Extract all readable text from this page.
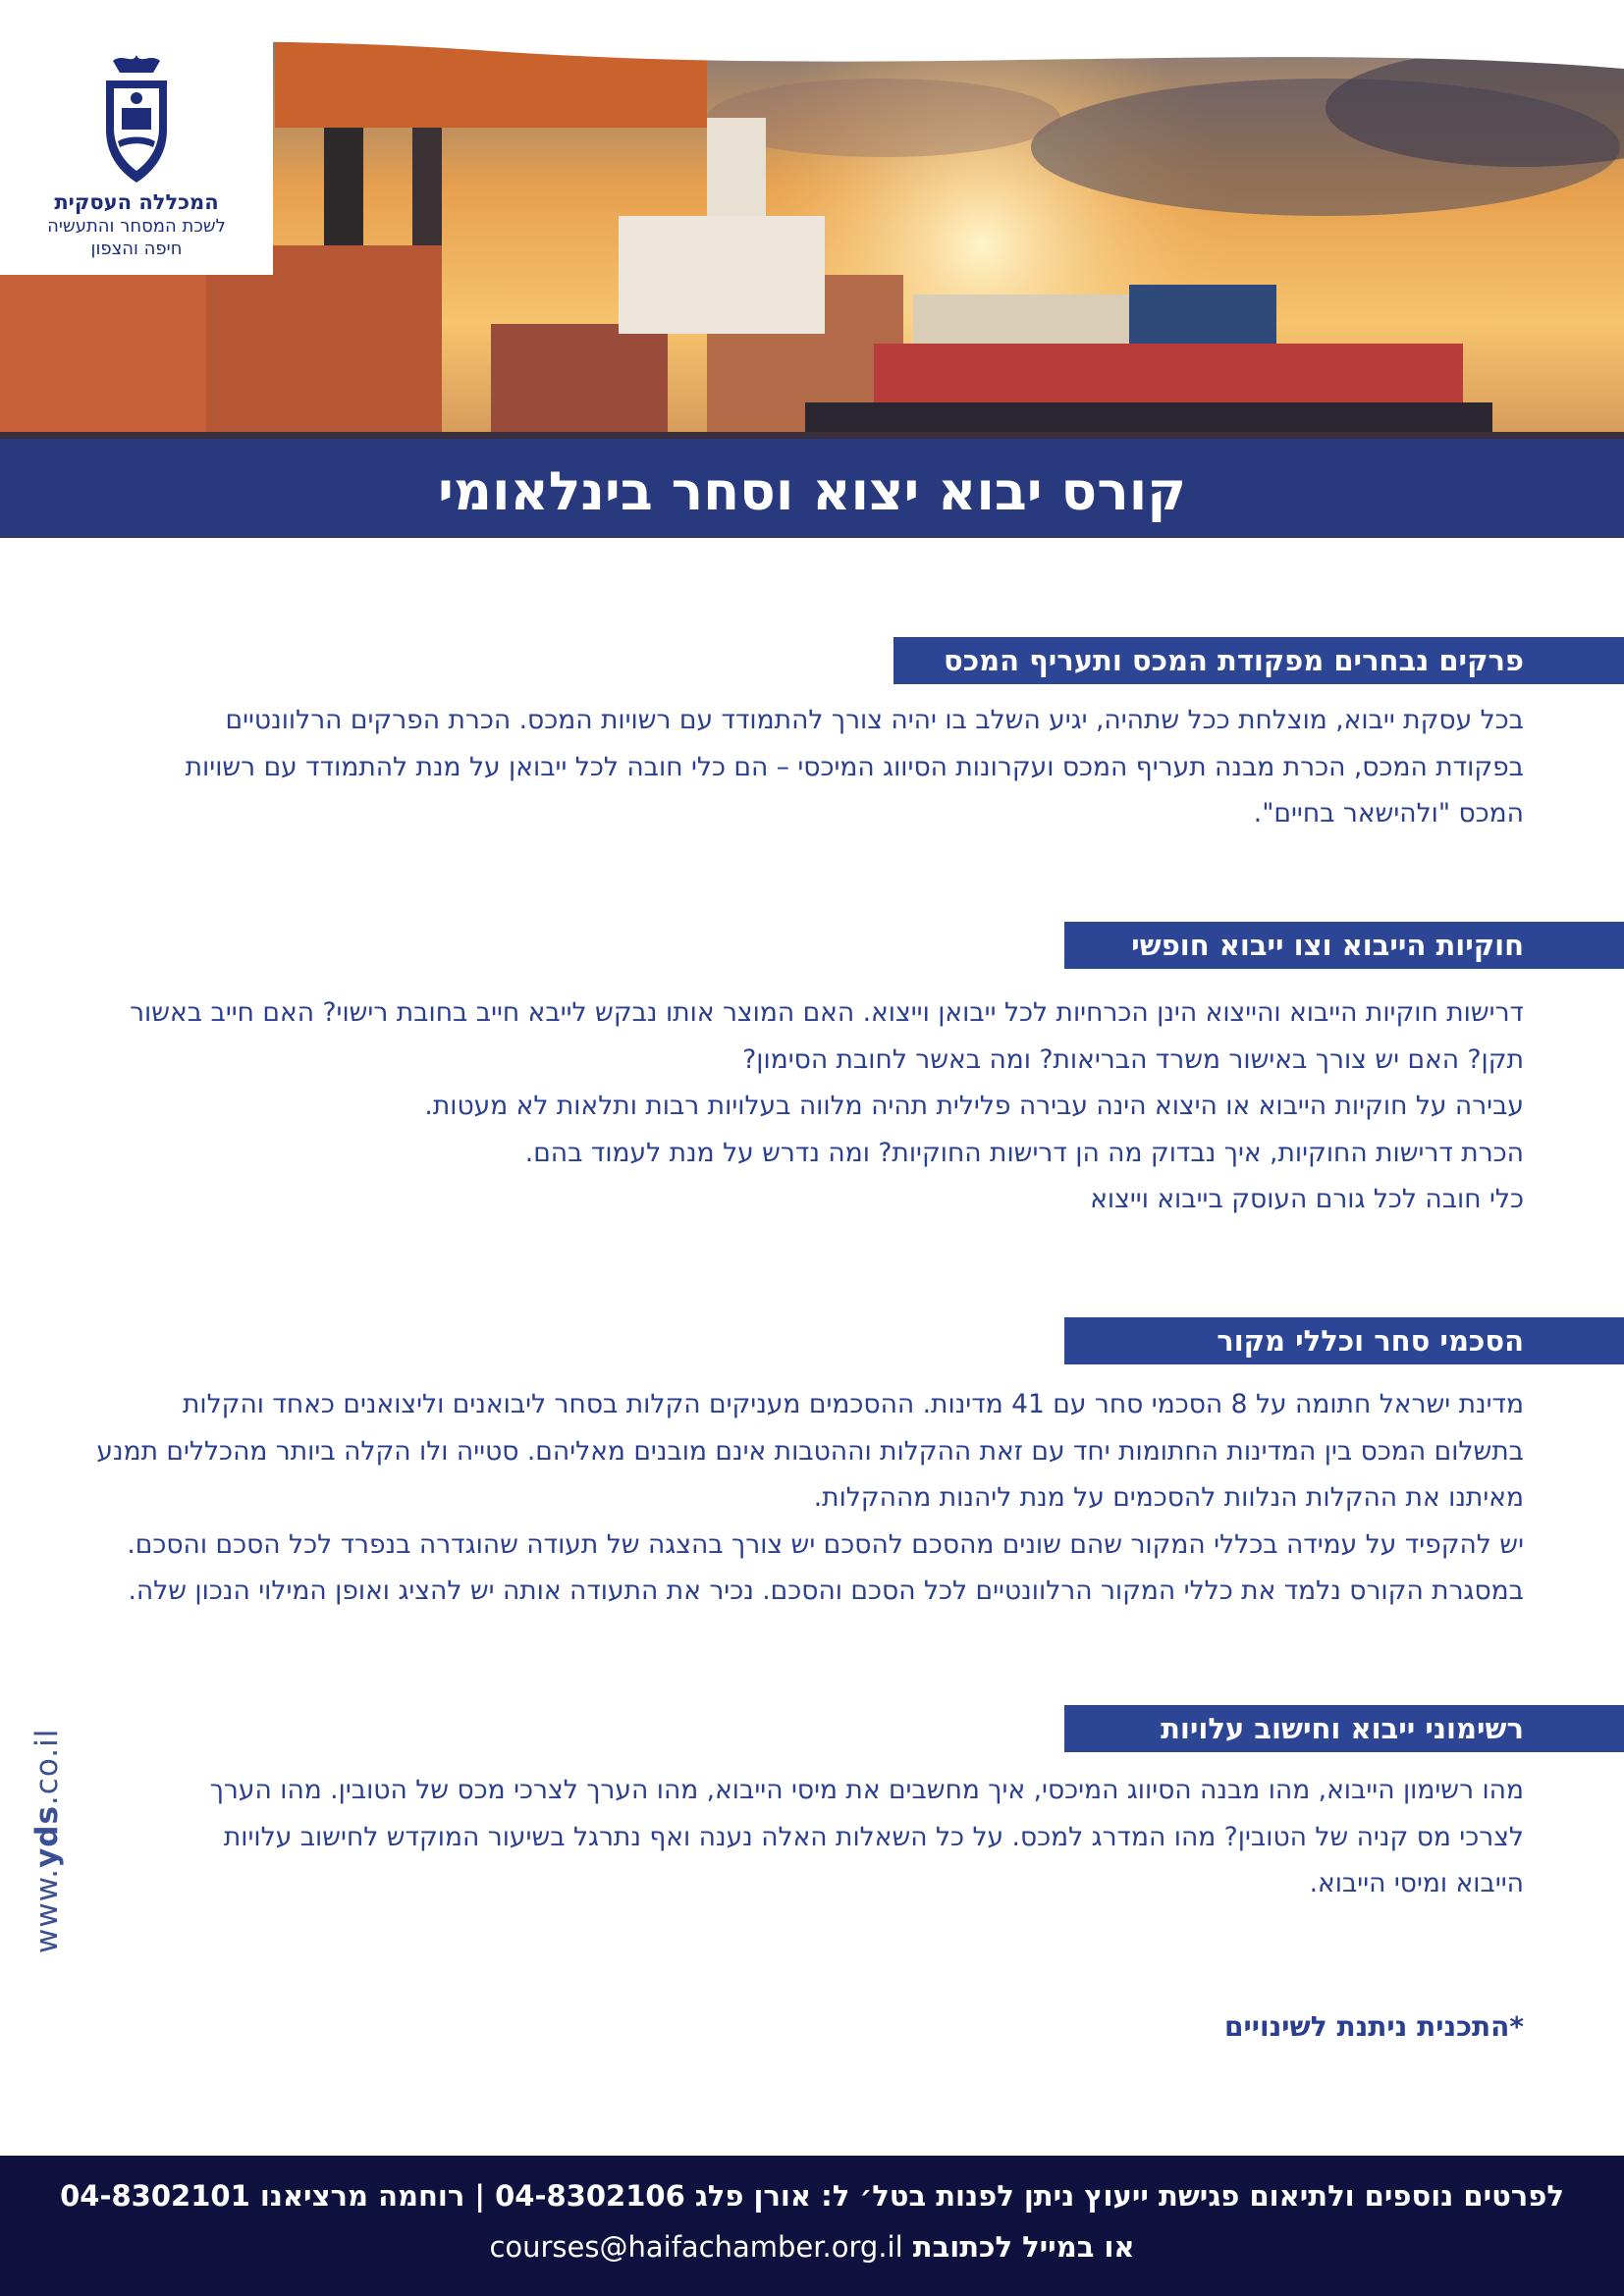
המכללה העסקית
לשכת המסחר והתעשיה
חיפה והצפון
קורס יבוא יצוא וסחר בינלאומי
פרקים נבחרים מפקודת המכס ותעריף המכס

בכל עסקת ייבוא, מוצלחת ככל שתהיה, יגיע השלב בו יהיה צורך להתמודד עם רשויות המכס. הכרת הפרקים הרלוונטיים בפקודת המכס, הכרת מבנה תעריף המכס ועקרונות הסיווג המיכסי – הם כלי חובה לכל ייבואן על מנת להתמודד עם רשויות המכס "ולהישאר בחיים".

חוקיות הייבוא וצו ייבוא חופשי

דרישות חוקיות הייבוא והייצוא הינן הכרחיות לכל ייבואן וייצוא. האם המוצר אותו נבקש לייבא חייב בחובת רישוי? האם חייב באשור תקן? האם יש צורך באישור משרד הבריאות? ומה באשר לחובת הסימון?

עבירה על חוקיות הייבוא או היצוא הינה עבירה פלילית תהיה מלווה בעלויות רבות ותלאות לא מעטות.

הכרת דרישות החוקיות, איך נבדוק מה הן דרישות החוקיות? ומה נדרש על מנת לעמוד בהם.

כלי חובה לכל גורם העוסק בייבוא וייצוא

הסכמי סחר וכללי מקור

מדינת ישראל חתומה על 8 הסכמי סחר עם 41 מדינות. ההסכמים מעניקים הקלות בסחר ליבואנים וליצואנים כאחד והקלות בתשלום המכס בין המדינות החתומות יחד עם זאת ההקלות וההטבות אינם מובנים מאליהם. סטייה ולו הקלה ביותר מהכללים תמנע מאיתנו את ההקלות הנלוות להסכמים על מנת ליהנות מההקלות.

יש להקפיד על עמידה בכללי המקור שהם שונים מהסכם להסכם יש צורך בהצגה של תעודה שהוגדרה בנפרד לכל הסכם והסכם.

במסגרת הקורס נלמד את כללי המקור הרלוונטיים לכל הסכם והסכם. נכיר את התעודה אותה יש להציג ואופן המילוי הנכון שלה.

רשימוני ייבוא וחישוב עלויות

מהו רשימון הייבוא, מהו מבנה הסיווג המיכסי, איך מחשבים את מיסי הייבוא, מהו הערך לצרכי מכס של הטובין. מהו הערך לצרכי מס קניה של הטובין? מהו המדרג למכס. על כל השאלות האלה נענה ואף נתרגל בשיעור המוקדש לחישוב עלויות הייבוא ומיסי הייבוא.

*התכנית ניתנת לשינויים
www.yds.co.il
לפרטים נוספים ולתיאום פגישת ייעוץ ניתן לפנות בטל׳ ל: אורן פלג 04-8302106 | רוחמה מרציאנו 04-8302101
או במייל לכתובת courses@haifachamber.org.il
